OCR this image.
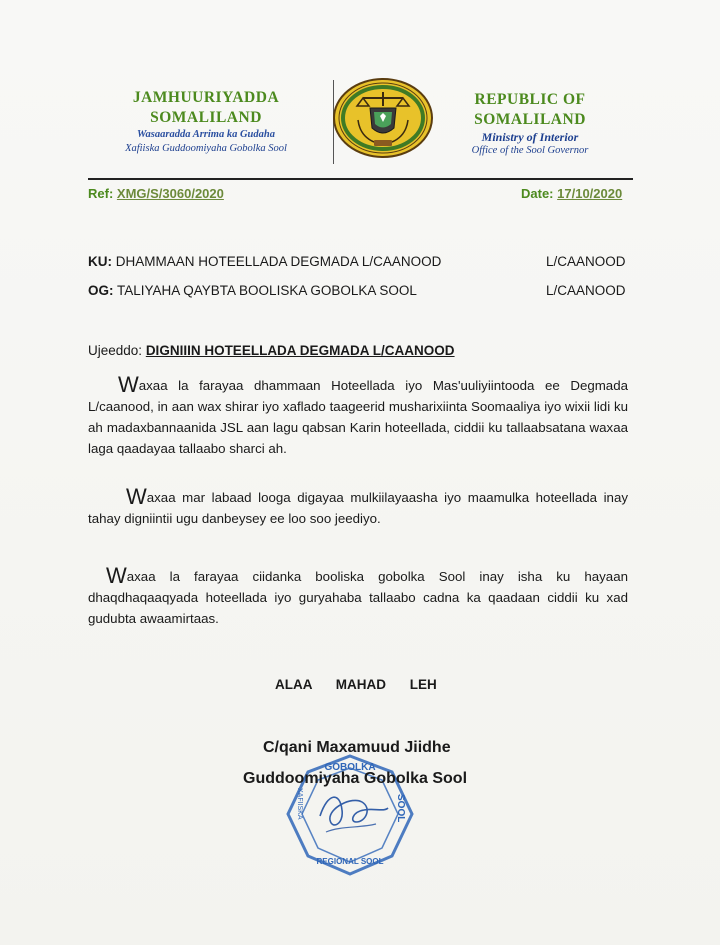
JAMHUURIYADDA
SOMALILAND
Wasaaradda Arrima ka Gudaha
Xafiiska Guddoomiyaha Gobolka Sool
REPUBLIC OF
SOMALILAND
Ministry of Interior
Office of the Sool Governor
Ref: XMG/S/3060/2020	Date: 17/10/2020
KU: DHAMMAAN HOTEELLADA DEGMADA L/CAANOOD	L/CAANOOD
OG: TALIYAHA QAYBTA BOOLISKA GOBOLKA SOOL	L/CAANOOD
Ujeeddo: DIGNIIIN HOTEELLADA DEGMADA L/CAANOOD
Waxaa la farayaa dhammaan Hoteellada iyo Mas'uuliyiintooda ee Degmada L/caanood, in aan wax shirar iyo xaflado taageerid musharixiinta Soomaaliya iyo wixii lidi ku ah madaxbannaanida JSL aan lagu qabsan Karin hoteellada, ciddii ku tallaabsatana waxaa laga qaadayaa tallaabo sharci ah.
Waxaa mar labaad looga digayaa mulkiilayaasha iyo maamulka hoteellada inay tahay digniintii ugu danbeysey ee loo soo jeediyo.
Waxaa la farayaa ciidanka booliska gobolka Sool inay isha ku hayaan dhaqdhaqaaqyada hoteellada iyo guryahaba tallaabo cadna ka qaadaan ciddii ku xad gudubta awaamirtaas.
ALAA MAHAD LEH
C/qani Maxamuud Jiidhe
GOBOLKA
SOOL
XAFIISKA
REGIONAL SOOL
Guddoomiyaha Gobolka Sool
